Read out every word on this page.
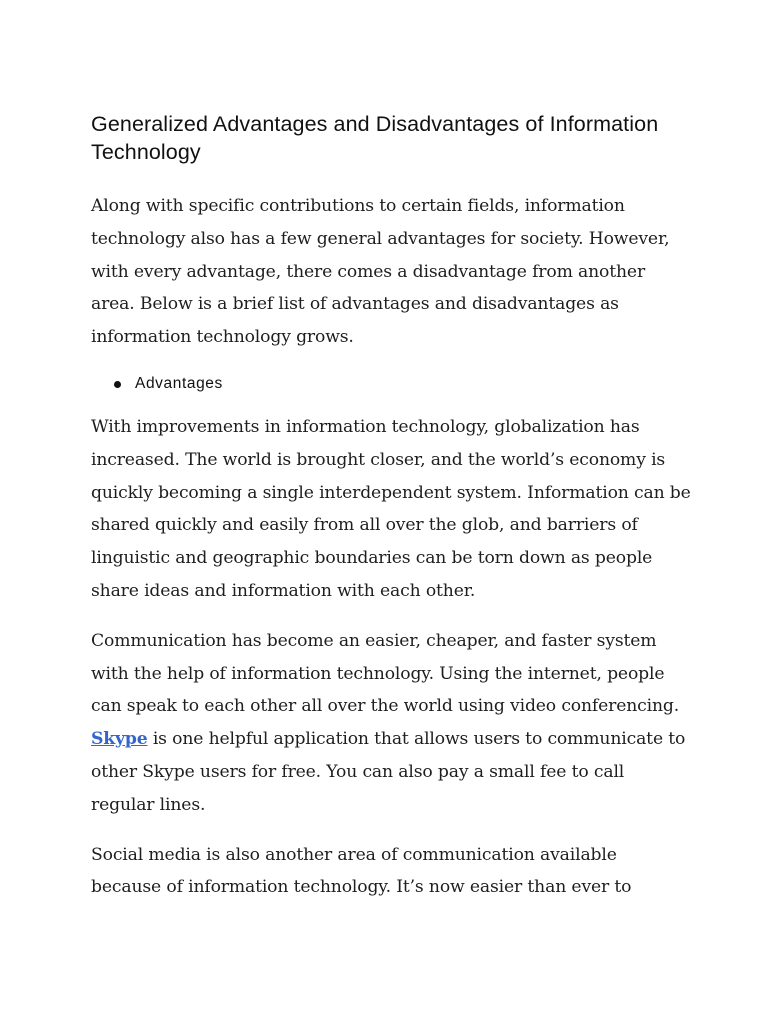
Generalized Advantages and Disadvantages of Information Technology

Along with specific contributions to certain fields, information technology also has a few general advantages for society. However, with every advantage, there comes a disadvantage from another area. Below is a brief list of advantages and disadvantages as information technology grows.

Advantages

With improvements in information technology, globalization has increased. The world is brought closer, and the world’s economy is quickly becoming a single interdependent system. Information can be shared quickly and easily from all over the glob, and barriers of linguistic and geographic boundaries can be torn down as people share ideas and information with each other.

Communication has become an easier, cheaper, and faster system with the help of information technology. Using the internet, people can speak to each other all over the world using video conferencing. Skype is one helpful application that allows users to communicate to other Skype users for free. You can also pay a small fee to call regular lines.

Social media is also another area of communication available because of information technology. It’s now easier than ever to
